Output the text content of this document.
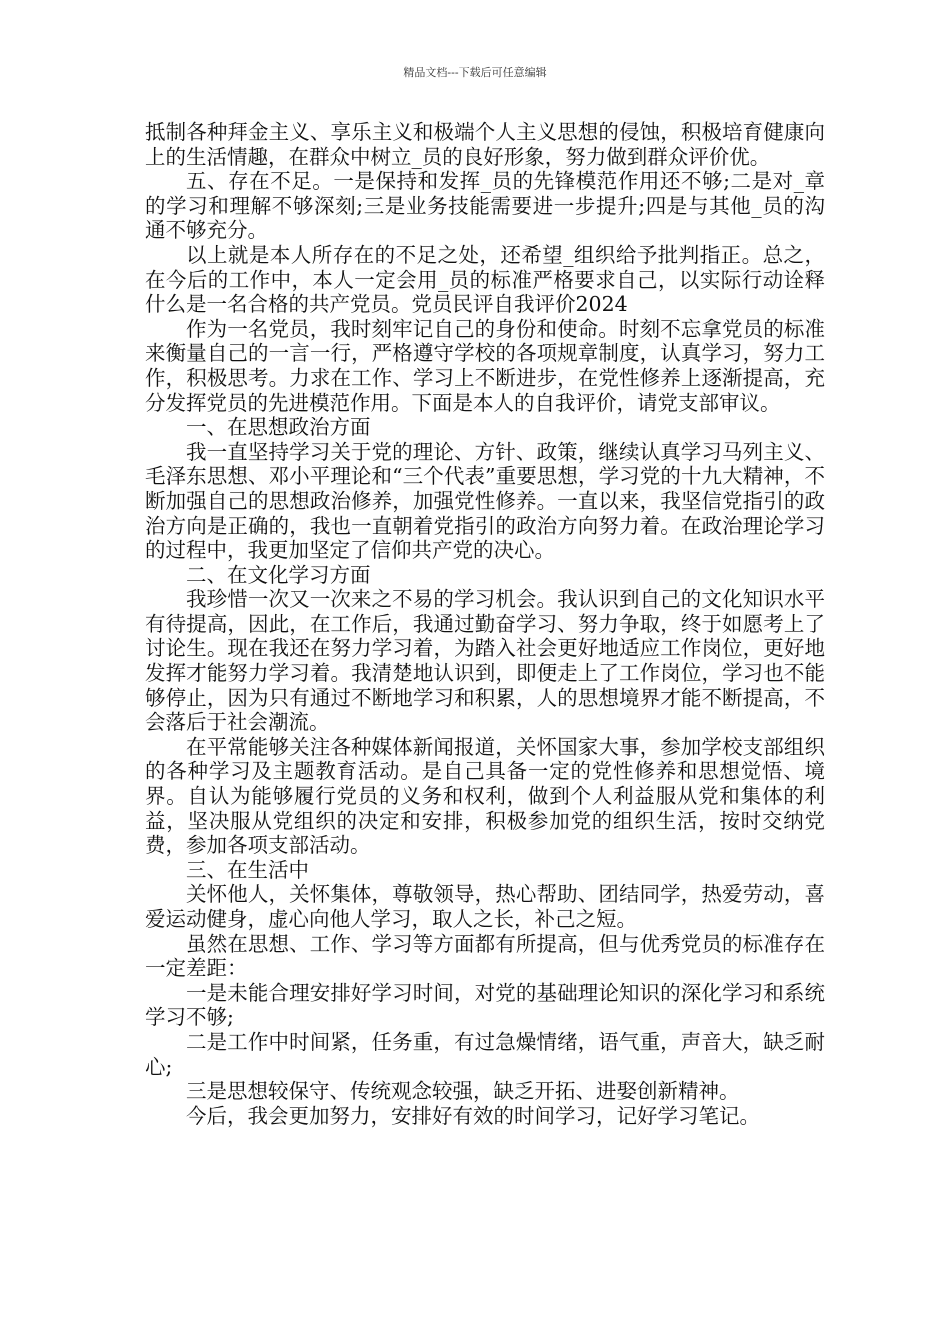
精品文档---下载后可任意编辑

抵制各种拜金主义、享乐主义和极端个人主义思想的侵蚀，积极培育健康向上的生活情趣，在群众中树立_员的良好形象，努力做到群众评价优。

五、存在不足。一是保持和发挥_员的先锋模范作用还不够;二是对_章的学习和理解不够深刻;三是业务技能需要进一步提升;四是与其他_员的沟通不够充分。

以上就是本人所存在的不足之处，还希望_组织给予批判指正。总之，在今后的工作中，本人一定会用_员的标准严格要求自己，以实际行动诠释什么是一名合格的共产党员。党员民评自我评价2024

作为一名党员，我时刻牢记自己的身份和使命。时刻不忘拿党员的标准来衡量自己的一言一行，严格遵守学校的各项规章制度，认真学习，努力工作，积极思考。力求在工作、学习上不断进步，在党性修养上逐渐提高，充分发挥党员的先进模范作用。下面是本人的自我评价，请党支部审议。

一、在思想政治方面

我一直坚持学习关于党的理论、方针、政策，继续认真学习马列主义、毛泽东思想、邓小平理论和“三个代表”重要思想，学习党的十九大精神，不断加强自己的思想政治修养，加强党性修养。一直以来，我坚信党指引的政治方向是正确的，我也一直朝着党指引的政治方向努力着。在政治理论学习的过程中，我更加坚定了信仰共产党的决心。

二、在文化学习方面

我珍惜一次又一次来之不易的学习机会。我认识到自己的文化知识水平有待提高，因此，在工作后，我通过勤奋学习、努力争取，终于如愿考上了讨论生。现在我还在努力学习着，为踏入社会更好地适应工作岗位，更好地发挥才能努力学习着。我清楚地认识到，即便走上了工作岗位，学习也不能够停止，因为只有通过不断地学习和积累，人的思想境界才能不断提高，不会落后于社会潮流。

在平常能够关注各种媒体新闻报道，关怀国家大事，参加学校支部组织的各种学习及主题教育活动。是自己具备一定的党性修养和思想觉悟、境界。自认为能够履行党员的义务和权利，做到个人利益服从党和集体的利益，坚决服从党组织的决定和安排，积极参加党的组织生活，按时交纳党费，参加各项支部活动。

三、在生活中

关怀他人，关怀集体，尊敬领导，热心帮助、团结同学，热爱劳动，喜爱运动健身，虚心向他人学习，取人之长，补己之短。

虽然在思想、工作、学习等方面都有所提高，但与优秀党员的标准存在一定差距：

一是未能合理安排好学习时间，对党的基础理论知识的深化学习和系统学习不够;

二是工作中时间紧，任务重，有过急燥情绪，语气重，声音大，缺乏耐心;

三是思想较保守、传统观念较强，缺乏开拓、进娶创新精神。

今后，我会更加努力，安排好有效的时间学习，记好学习笔记。
